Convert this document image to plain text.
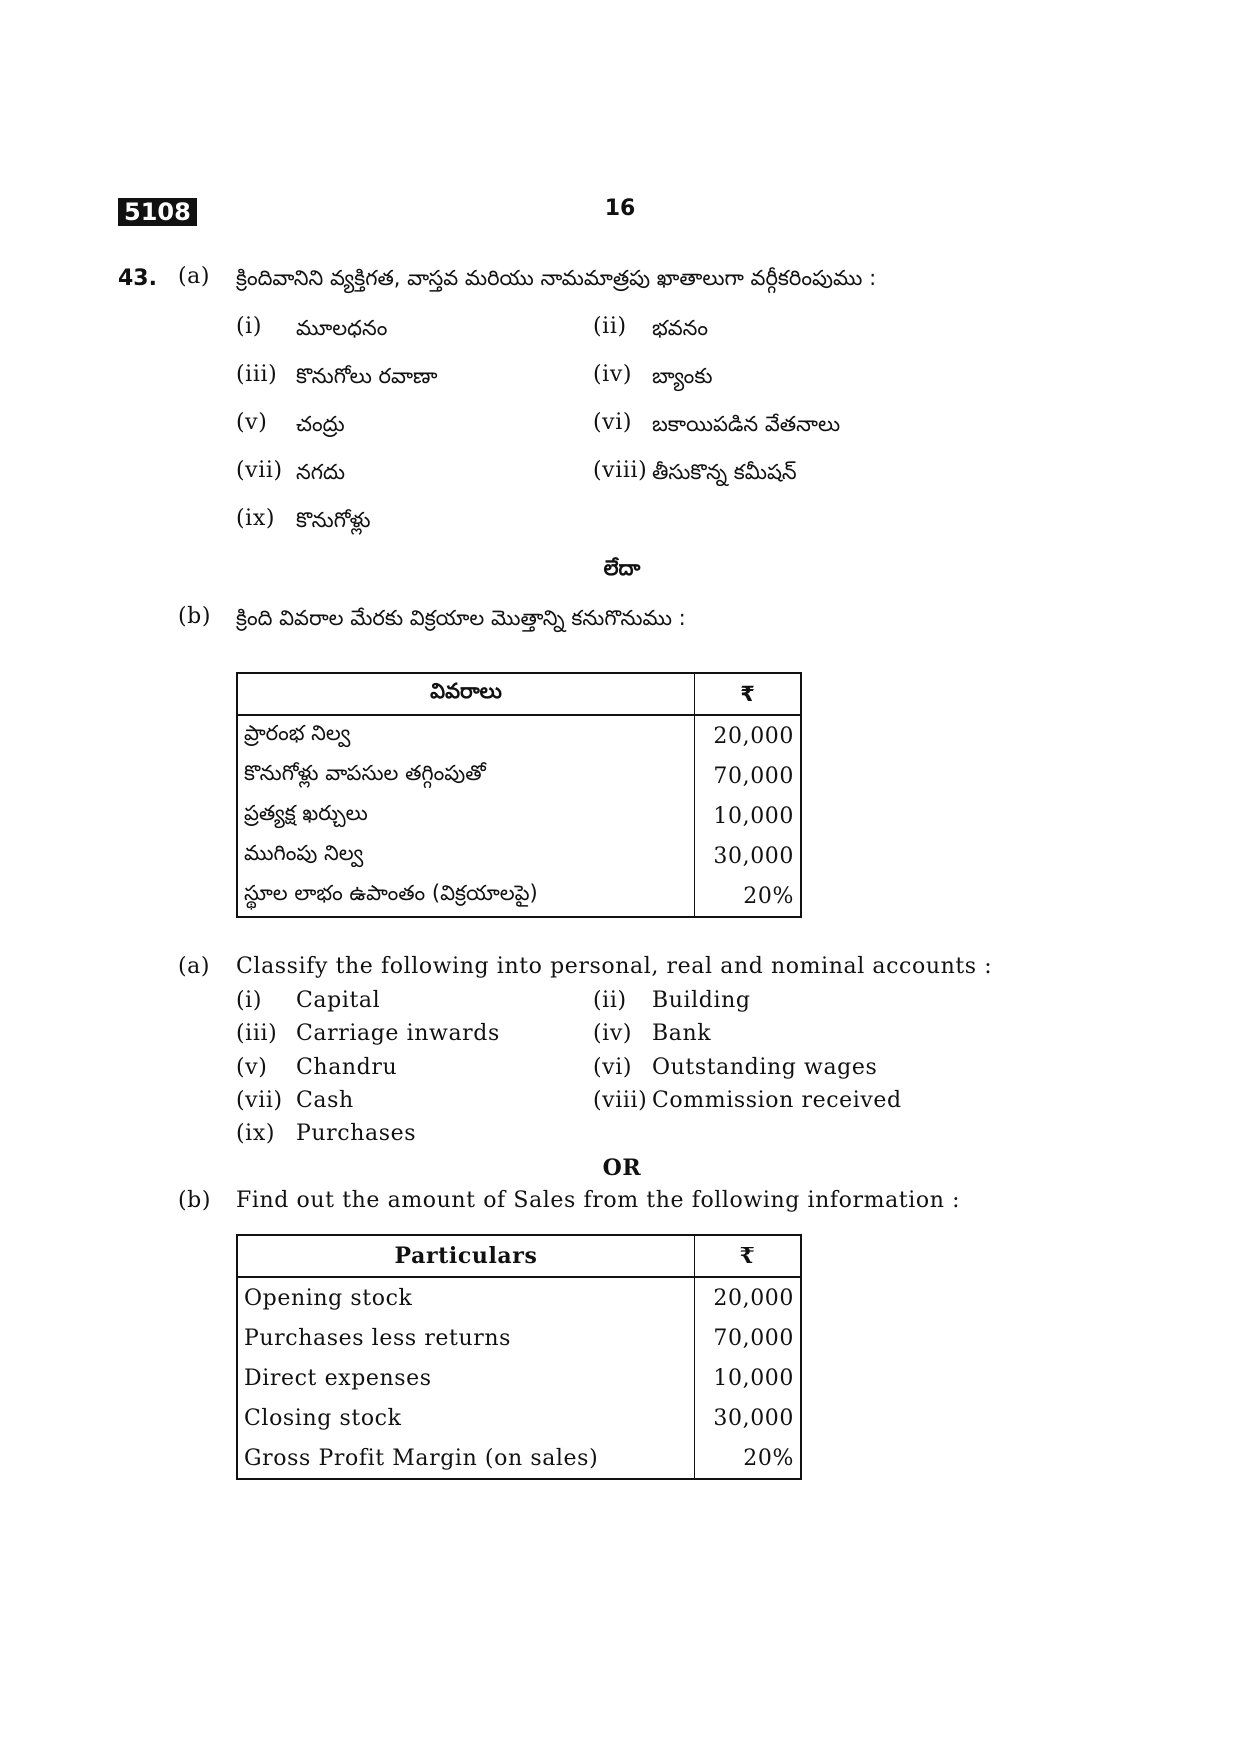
5108	16
43. (a) క్రిందివానిని వ్యక్తిగత, వాస్తవ మరియు నామమాత్రపు ఖాతాలుగా వర్గీకరింపుము :
(i) మూలధనం	(ii) భవనం
(iii) కొనుగోలు రవాణా	(iv) బ్యాంకు
(v) చంద్రు	(vi) బకాయిపడిన వేతనాలు
(vii) నగదు	(viii) తీసుకొన్న కమీషన్
(ix) కొనుగోళ్లు
లేదా
(b) క్రింది వివరాల మేరకు విక్రయాల మొత్తాన్ని కనుగొనుము :
వివరాలు	₹
ప్రారంభ నిల్వ	20,000
కొనుగోళ్లు వాపసుల తగ్గింపుతో	70,000
ప్రత్యక్ష ఖర్చులు	10,000
ముగింపు నిల్వ	30,000
స్థూల లాభం ఉపాంతం (విక్రయాలపై)	20%
(a) Classify the following into personal, real and nominal accounts :
(i) Capital	(ii) Building
(iii) Carriage inwards	(iv) Bank
(v) Chandru	(vi) Outstanding wages
(vii) Cash	(viii) Commission received
(ix) Purchases
OR
(b) Find out the amount of Sales from the following information :
Particulars	₹
Opening stock	20,000
Purchases less returns	70,000
Direct expenses	10,000
Closing stock	30,000
Gross Profit Margin (on sales)	20%
